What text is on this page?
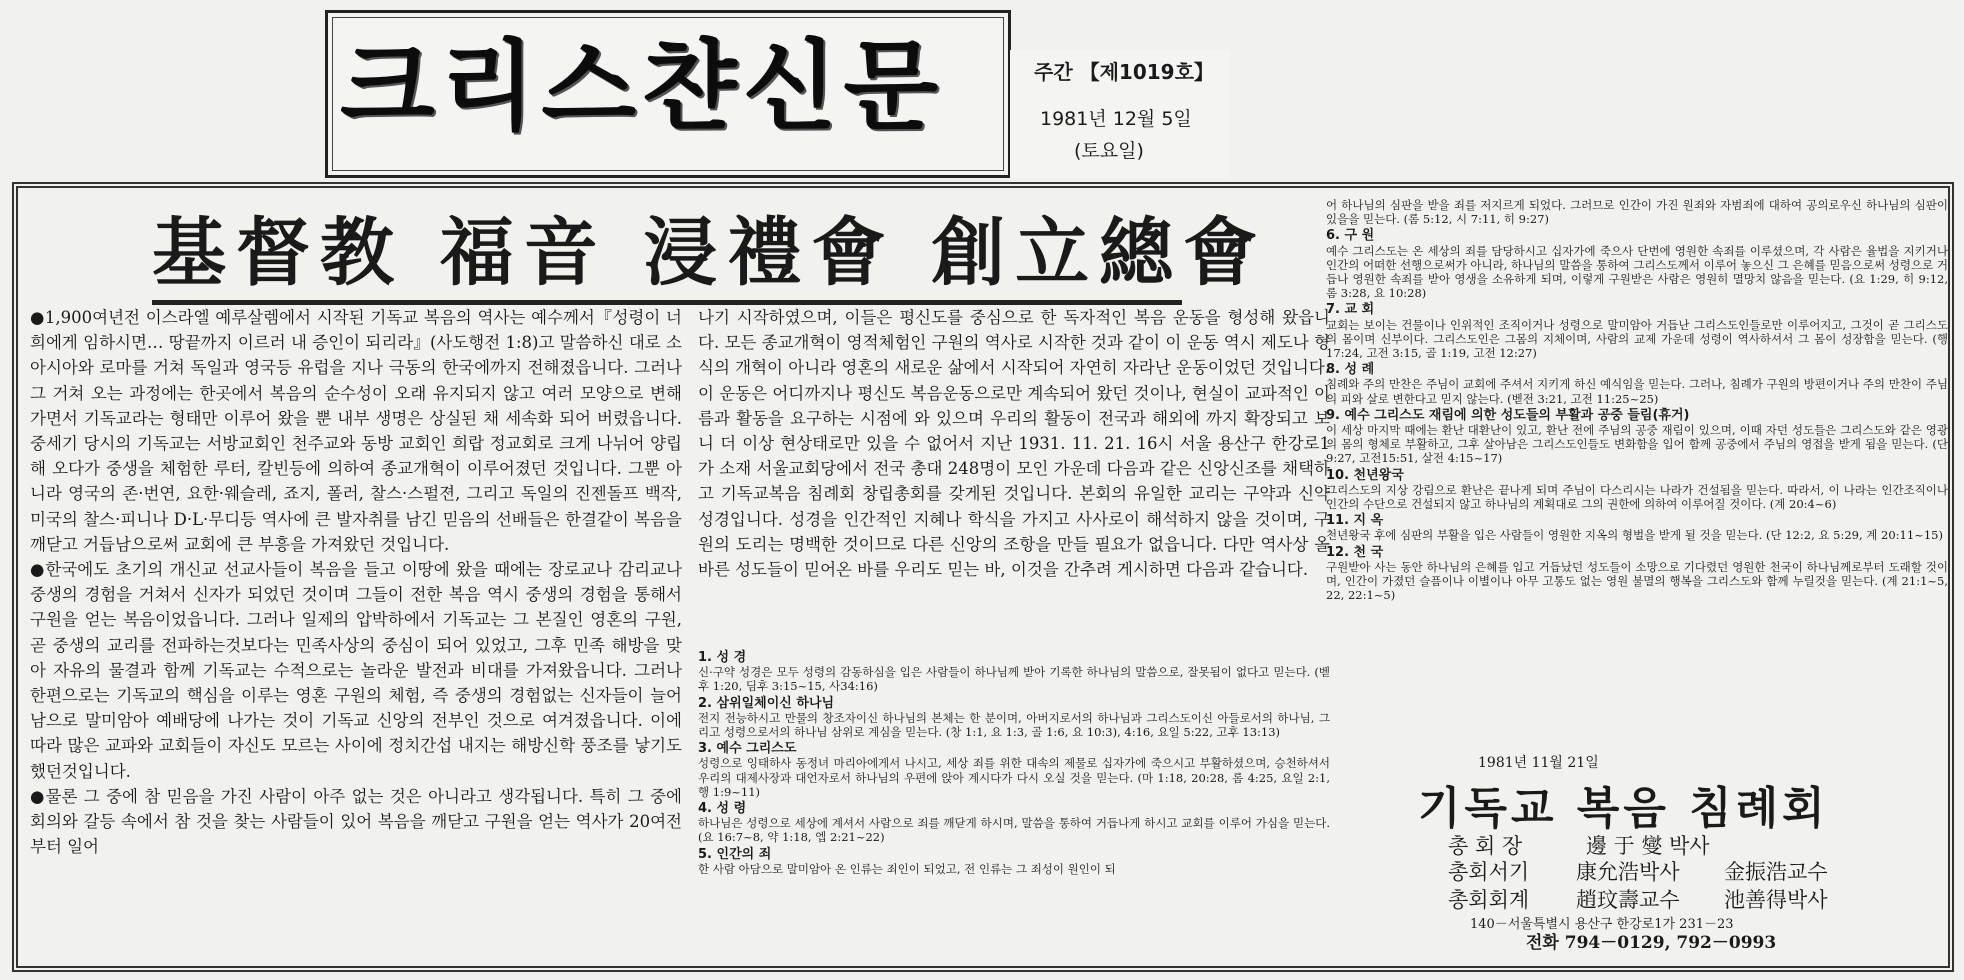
크리스챤신문	주간 【제1019호】
1981년 12월 5일
(토요일)
基督教 福音 浸禮會 創立總會

●1,900여년전 이스라엘 예루살렘에서 시작된 기독교 복음의 역사는 예수께서『성령이 너희에게 임하시면… 땅끝까지 이르러 내 증인이 되리라』(사도행전 1:8)고 말씀하신 대로 소아시아와 로마를 거쳐 독일과 영국등 유럽을 지나 극동의 한국에까지 전해졌읍니다. 그러나 그 거쳐 오는 과정에는 한곳에서 복음의 순수성이 오래 유지되지 않고 여러 모양으로 변해가면서 기독교라는 형태만 이루어 왔을 뿐 내부 생명은 상실된 채 세속화 되어 버렸읍니다. 중세기 당시의 기독교는 서방교회인 천주교와 동방 교회인 희랍 정교회로 크게 나뉘어 양립해 오다가 중생을 체험한 루터, 칼빈등에 의하여 종교개혁이 이루어졌던 것입니다. 그뿐 아니라 영국의 존·번연, 요한·웨슬레, 죠지, 폴러, 찰스·스펄젼, 그리고 독일의 진젠돌프 백작, 미국의 찰스·피니나 D·L·무디등 역사에 큰 발자취를 남긴 믿음의 선배들은 한결같이 복음을 깨닫고 거듭남으로써 교회에 큰 부흥을 가져왔던 것입니다.

●한국에도 초기의 개신교 선교사들이 복음을 들고 이땅에 왔을 때에는 장로교나 감리교나 중생의 경험을 거쳐서 신자가 되었던 것이며 그들이 전한 복음 역시 중생의 경험을 통해서 구원을 얻는 복음이었읍니다. 그러나 일제의 압박하에서 기독교는 그 본질인 영혼의 구원, 곧 중생의 교리를 전파하는것보다는 민족사상의 중심이 되어 있었고, 그후 민족 해방을 맞아 자유의 물결과 함께 기독교는 수적으로는 놀라운 발전과 비대를 가져왔읍니다. 그러나 한편으로는 기독교의 핵심을 이루는 영혼 구원의 체험, 즉 중생의 경험없는 신자들이 늘어남으로 말미암아 예배당에 나가는 것이 기독교 신앙의 전부인 것으로 여겨졌읍니다. 이에 따라 많은 교파와 교회들이 자신도 모르는 사이에 정치간섭 내지는 해방신학 풍조를 낳기도 했던것입니다.

●물론 그 중에 참 믿음을 가진 사람이 아주 없는 것은 아니라고 생각됩니다. 특히 그 중에 회의와 갈등 속에서 참 것을 찾는 사람들이 있어 복음을 깨닫고 구원을 얻는 역사가 20여전부터 일어

나기 시작하였으며, 이들은 평신도를 중심으로 한 독자적인 복음 운동을 형성해 왔읍니다. 모든 종교개혁이 영적체험인 구원의 역사로 시작한 것과 같이 이 운동 역시 제도나 형식의 개혁이 아니라 영혼의 새로운 삶에서 시작되어 자연히 자라난 운동이었던 것입니다. 이 운동은 어디까지나 평신도 복음운동으로만 계속되어 왔던 것이나, 현실이 교파적인 이름과 활동을 요구하는 시점에 와 있으며 우리의 활동이 전국과 해외에 까지 확장되고 보니 더 이상 현상태로만 있을 수 없어서 지난 1931. 11. 21. 16시 서울 용산구 한강로1가 소재 서울교회당에서 전국 총대 248명이 모인 가운데 다음과 같은 신앙신조를 채택하고 기독교복음 침례회 창립총회를 갖게된 것입니다. 본회의 유일한 교리는 구약과 신약 성경입니다. 성경을 인간적인 지혜나 학식을 가지고 사사로이 해석하지 않을 것이며, 구원의 도리는 명백한 것이므로 다른 신앙의 조항을 만들 필요가 없읍니다. 다만 역사상 올바른 성도들이 믿어온 바를 우리도 믿는 바, 이것을 간추려 게시하면 다음과 같습니다.

1. 성 경
신·구약 성경은 모두 성령의 감동하심을 입은 사람들이 하나님께 받아 기록한 하나님의 말씀으로, 잘못됨이 없다고 믿는다. (벧후 1:20, 딤후 3:15~15, 사34:16)
2. 삼위일체이신 하나님
전지 전능하시고 만물의 창조자이신 하나님의 본체는 한 분이며, 아버지로서의 하나님과 그리스도이신 아들로서의 하나님, 그리고 성령으로서의 하나님 삼위로 계심을 믿는다. (창 1:1, 요 1:3, 골 1:6, 요 10:3), 4:16, 요일 5:22, 고후 13:13)
3. 예수 그리스도
성령으로 잉태하사 동정녀 마리아에게서 나시고, 세상 죄를 위한 대속의 제물로 십자가에 죽으시고 부활하셨으며, 승천하셔서 우리의 대제사장과 대언자로서 하나님의 우편에 앉아 계시다가 다시 오실 것을 믿는다. (마 1:18, 20:28, 롬 4:25, 요일 2:1, 행 1:9~11)
4. 성 령
하나님은 성령으로 세상에 계셔서 사람으로 죄를 깨닫게 하시며, 말씀을 통하여 거듭나게 하시고 교회를 이루어 가심을 믿는다. (요 16:7~8, 약 1:18, 엡 2:21~22)
5. 인간의 죄
한 사람 아담으로 말미암아 온 인류는 죄인이 되었고, 전 인류는 그 죄성이 원인이 되
어 하나님의 심판을 받을 죄를 저지르게 되었다. 그러므로 인간이 가진 원죄와 자범죄에 대하여 공의로우신 하나님의 심판이있을을 믿는다. (롬 5:12, 시 7:11, 히 9:27)
6. 구 원
예수 그리스도는 온 세상의 죄를 담당하시고 십자가에 죽으사 단번에 영원한 속죄를 이루셨으며, 각 사람은 율법을 지키거나 인간의 어떠한 선행으로써가 아니라, 하나님의 말씀을 통하여 그리스도께서 이루어 놓으신 그 은혜를 믿음으로써 성령으로 거듭나 영원한 속죄를 받아 영생을 소유하게 되며, 이렇게 구원받은 사람은 영원히 멸망치 않음을 믿는다. (요 1:29, 히 9:12, 롬 3:28, 요 10:28)
7. 교 회
교회는 보이는 건물이나 인위적인 조직이거나 성령으로 말미암아 거듭난 그리스도인들로만 이루어지고, 그것이 곧 그리스도의 몸이며 신부이다. 그리스도인은 그몸의 지체이며, 사람의 교제 가운데 성령이 역사하셔서 그 몸이 성장함을 믿는다. (행17:24, 고전 3:15, 골 1:19, 고전 12:27)
8. 성 례
침례와 주의 만찬은 주님이 교회에 주셔서 지키게 하신 예식임을 믿는다. 그러나, 침례가 구원의 방편이거나 주의 만찬이 주님의 피와 살로 변한다고 믿지 않는다. (벧전 3:21, 고전 11:25~25)
9. 예수 그리스도 재림에 의한 성도들의 부활과 공중 들림(휴거)
이 세상 마지막 때에는 환난 대환난이 있고, 환난 전에 주님의 공중 재림이 있으며, 이때 자던 성도들은 그리스도와 같은 영광의 몸의 형체로 부활하고, 그후 살아남은 그리스도인들도 변화함을 입어 함께 공중에서 주님의 영접을 받게 됨을 믿는다. (단 9:27, 고전15:51, 살전 4:15~17)
10. 천년왕국
그리스도의 지상 강림으로 환난은 끝나게 되며 주님이 다스리시는 나라가 건설됨을 믿는다. 따라서, 이 나라는 인간조직이나 인간의 수단으로 건설되지 않고 하나님의 계획대로 그의 권한에 의하여 이루어질 것이다. (계 20:4~6)
11. 지 옥
천년왕국 후에 심판의 부활을 입은 사람들이 영원한 지옥의 형벌을 받게 될 것을 믿는다. (단 12:2, 요 5:29, 계 20:11~15)
12. 천 국
구원받아 사는 동안 하나님의 은혜를 입고 거듭났던 성도들이 소망으로 기다렸던 영원한 천국이 하나님께로부터 도래할 것이며, 인간이 가졌던 슬픔이나 이별이나 아무 고통도 없는 영원 불멸의 행복을 그리스도와 함께 누릴것을 믿는다. (계 21:1~5, 22, 22:1~5)
1981년 11월 21일
기독교 복음 침례회
총 회 장	邊 于 燮 박사
총회서기 康允浩박사 金振浩교수
총회회계 趙玟壽교수 池善得박사
140－서울특별시 용산구 한강로1가 231－23
전화 794－0129, 792－0993
